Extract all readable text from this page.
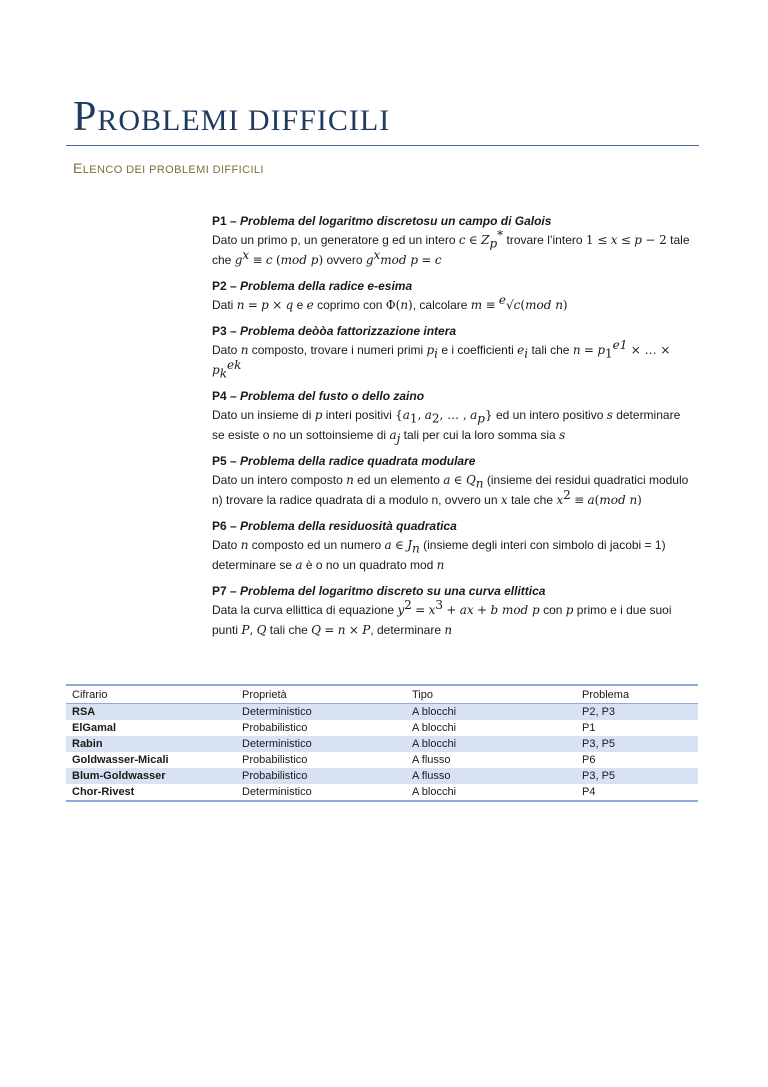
PROBLEMI DIFFICILI
ELENCO DEI PROBLEMI DIFFICILI
P1 – Problema del logaritmo discretosu un campo di Galois
Dato un primo p, un generatore g ed un intero c ∈ $Z_p^*$ trovare l’intero 1 ≤ x ≤ p − 2 tale che $g^x \equiv c$ (mod p) ovvero $g^xmod$ p = c
P2 – Problema della radice e-esima
Dati n = p × q e e coprimo con Φ(n), calcolare m ≡ $^e$√c(mod n)
P3 – Problema deòòa fattorizzazione intera
Dato n composto, trovare i numeri primi $p_i$ e i coefficienti $e_i$ tali che $n = p_1^{e1}$ × … × $p_k^{ek}$
P4 – Problema del fusto o dello zaino
Dato un insieme di p interi positivi {$a_1$, $a_2$, … , $a_p$} ed un intero positivo s determinare se esiste o no un sottoinsieme di $a_j$ tali per cui la loro somma sia s
P5 – Problema della radice quadrata modulare
Dato un intero composto n ed un elemento a ∈ $Q_n$ (insieme dei residui quadratici modulo n) trovare la radice quadrata di a modulo n, ovvero un x tale che $x^2 \equiv a(mod$ n)
P6 – Problema della residuosità quadratica
Dato n composto ed un numero a ∈ $J_n$ (insieme degli interi con simbolo di jacobi = 1) determinare se a è o no un quadrato mod n
P7 – Problema del logaritmo discreto su una curva ellittica
Data la curva ellittica di equazione $y^2 = x^3$ + ax + b mod p con p primo e i due suoi punti P, Q tali che Q = n × P, determinare n
Cifrario	Proprietà	Tipo	Problema
RSA	Deterministico	A blocchi	P2, P3
ElGamal	Probabilistico	A blocchi	P1
Rabin	Deterministico	A blocchi	P3, P5
Goldwasser-Micali	Probabilistico	A flusso	P6
Blum-Goldwasser	Probabilistico	A flusso	P3, P5
Chor-Rivest	Deterministico	A blocchi	P4
